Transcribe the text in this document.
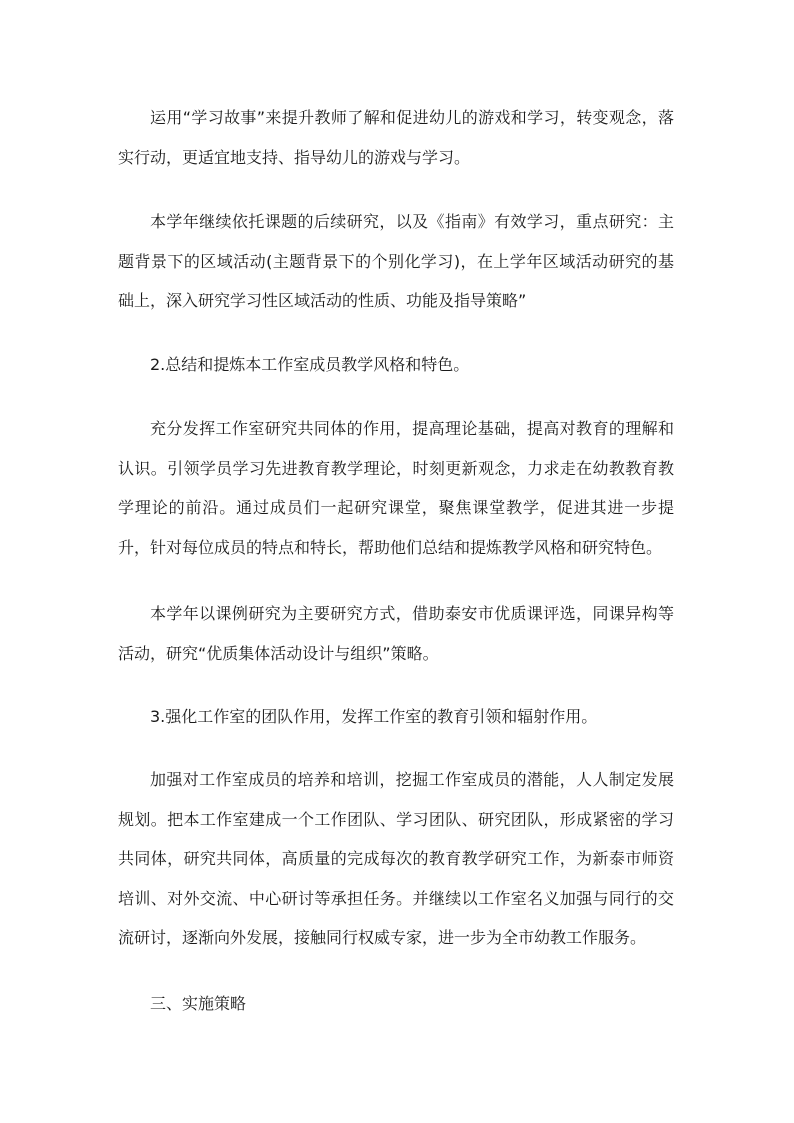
运用“学习故事”来提升教师了解和促进幼儿的游戏和学习，转变观念，落实行动，更适宜地支持、指导幼儿的游戏与学习。

本学年继续依托课题的后续研究，以及《指南》有效学习，重点研究：主题背景下的区域活动(主题背景下的个别化学习)，在上学年区域活动研究的基础上，深入研究学习性区域活动的性质、功能及指导策略”

2.总结和提炼本工作室成员教学风格和特色。

充分发挥工作室研究共同体的作用，提高理论基础，提高对教育的理解和认识。引领学员学习先进教育教学理论，时刻更新观念，力求走在幼教教育教学理论的前沿。通过成员们一起研究课堂，聚焦课堂教学，促进其进一步提升，针对每位成员的特点和特长，帮助他们总结和提炼教学风格和研究特色。

本学年以课例研究为主要研究方式，借助泰安市优质课评选，同课异构等活动，研究“优质集体活动设计与组织”策略。

3.强化工作室的团队作用，发挥工作室的教育引领和辐射作用。

加强对工作室成员的培养和培训，挖掘工作室成员的潜能，人人制定发展规划。把本工作室建成一个工作团队、学习团队、研究团队，形成紧密的学习共同体，研究共同体，高质量的完成每次的教育教学研究工作，为新泰市师资培训、对外交流、中心研讨等承担任务。并继续以工作室名义加强与同行的交流研讨，逐渐向外发展，接触同行权威专家，进一步为全市幼教工作服务。

三、实施策略
